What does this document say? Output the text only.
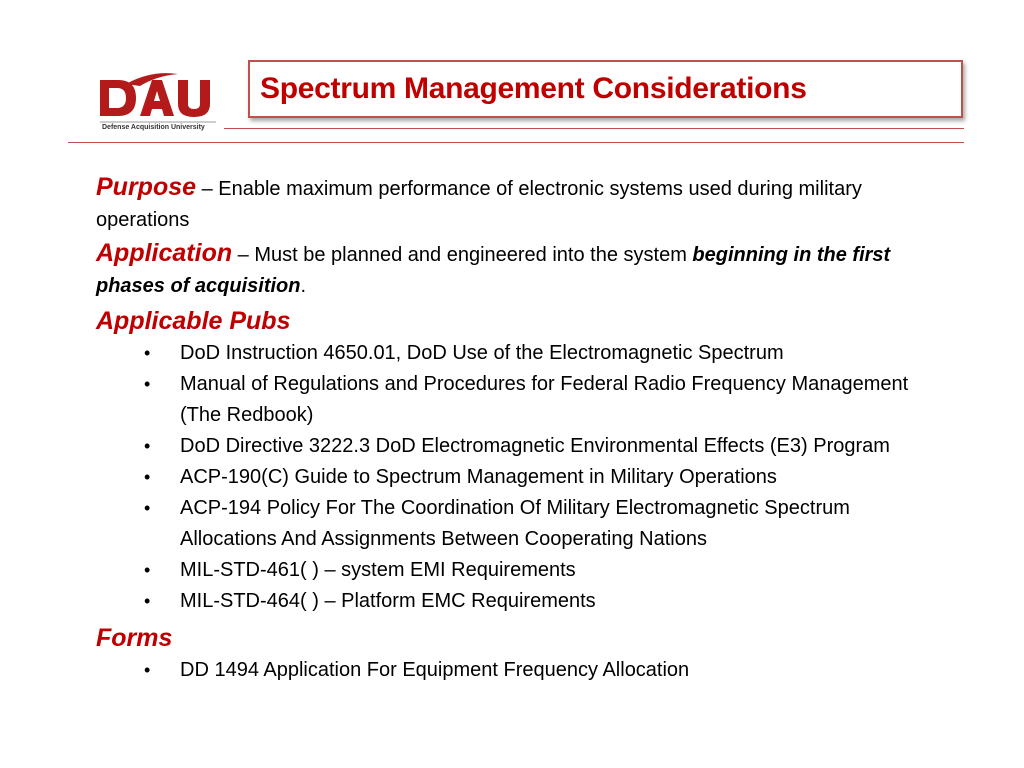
Defense Acquisition University
Spectrum Management Considerations

Purpose – Enable maximum performance of electronic systems used during military operations

Application – Must be planned and engineered into the system beginning in the first phases of acquisition.

Applicable Pubs

• DoD Instruction 4650.01, DoD Use of the Electromagnetic Spectrum
• Manual of Regulations and Procedures for Federal Radio Frequency Management (The Redbook)
• DoD Directive 3222.3 DoD Electromagnetic Environmental Effects (E3) Program
• ACP-190(C) Guide to Spectrum Management in Military Operations
• ACP-194 Policy For The Coordination Of Military Electromagnetic Spectrum Allocations And Assignments Between Cooperating Nations
• MIL-STD-461( ) – system EMI Requirements
• MIL-STD-464( ) – Platform EMC Requirements

Forms

• DD 1494 Application For Equipment Frequency Allocation
